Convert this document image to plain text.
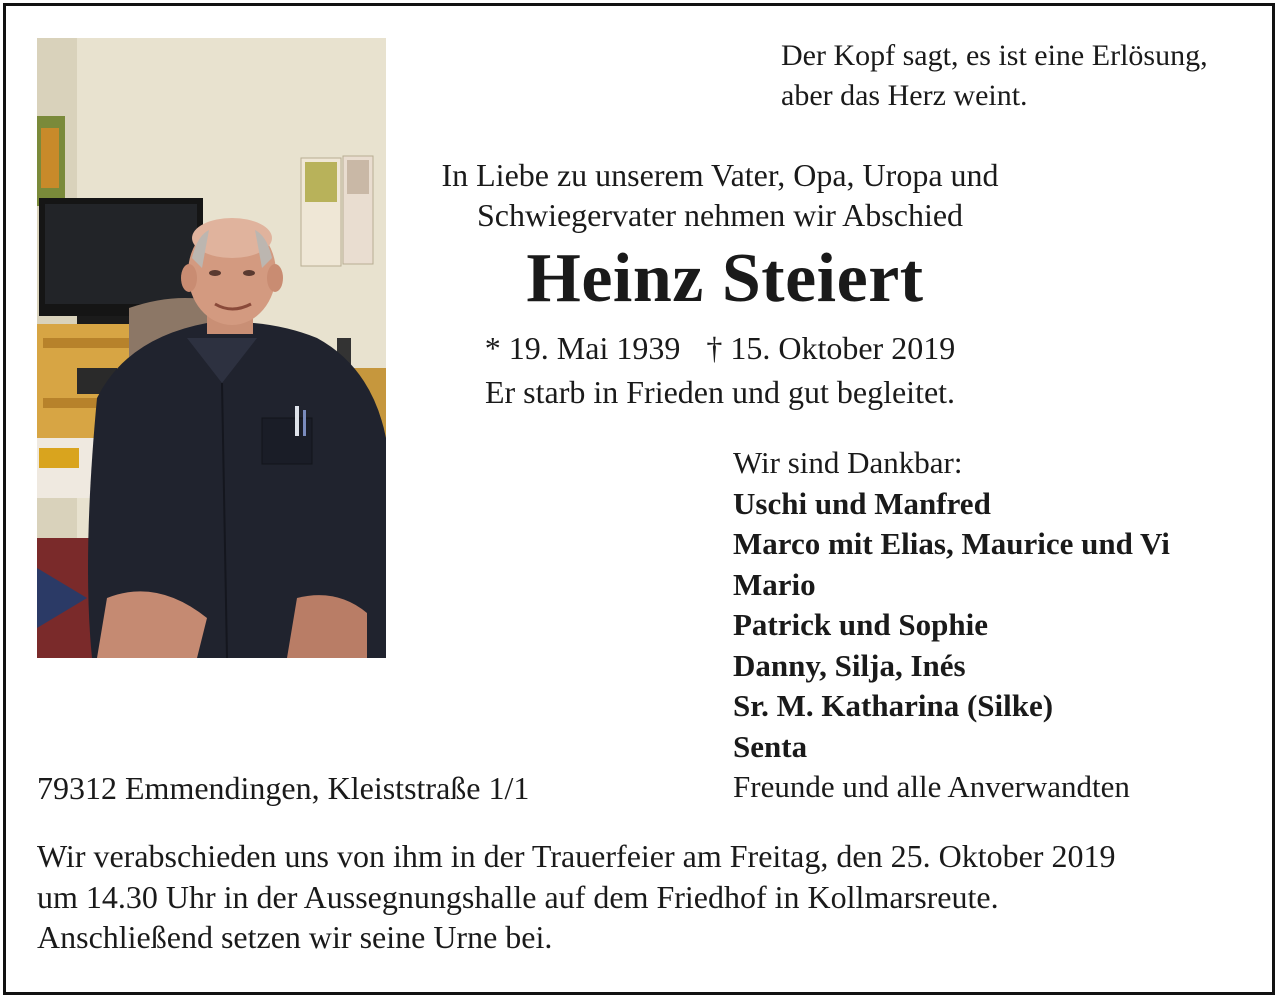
Der Kopf sagt, es ist eine Erlösung,
aber das Herz weint.
In Liebe zu unserem Vater, Opa, Uropa und
Schwiegervater nehmen wir Abschied
Heinz Steiert
* 19. Mai 1939 † 15. Oktober 2019
Er starb in Frieden und gut begleitet.
Wir sind Dankbar:
Uschi und Manfred
Marco mit Elias, Maurice und Vi
Mario
Patrick und Sophie
Danny, Silja, Inés
Sr. M. Katharina (Silke)
Senta
Freunde und alle Anverwandten
79312 Emmendingen, Kleiststraße 1/1
Wir verabschieden uns von ihm in der Trauerfeier am Freitag, den 25. Oktober 2019
um 14.30 Uhr in der Aussegnungshalle auf dem Friedhof in Kollmarsreute.
Anschließend setzen wir seine Urne bei.
